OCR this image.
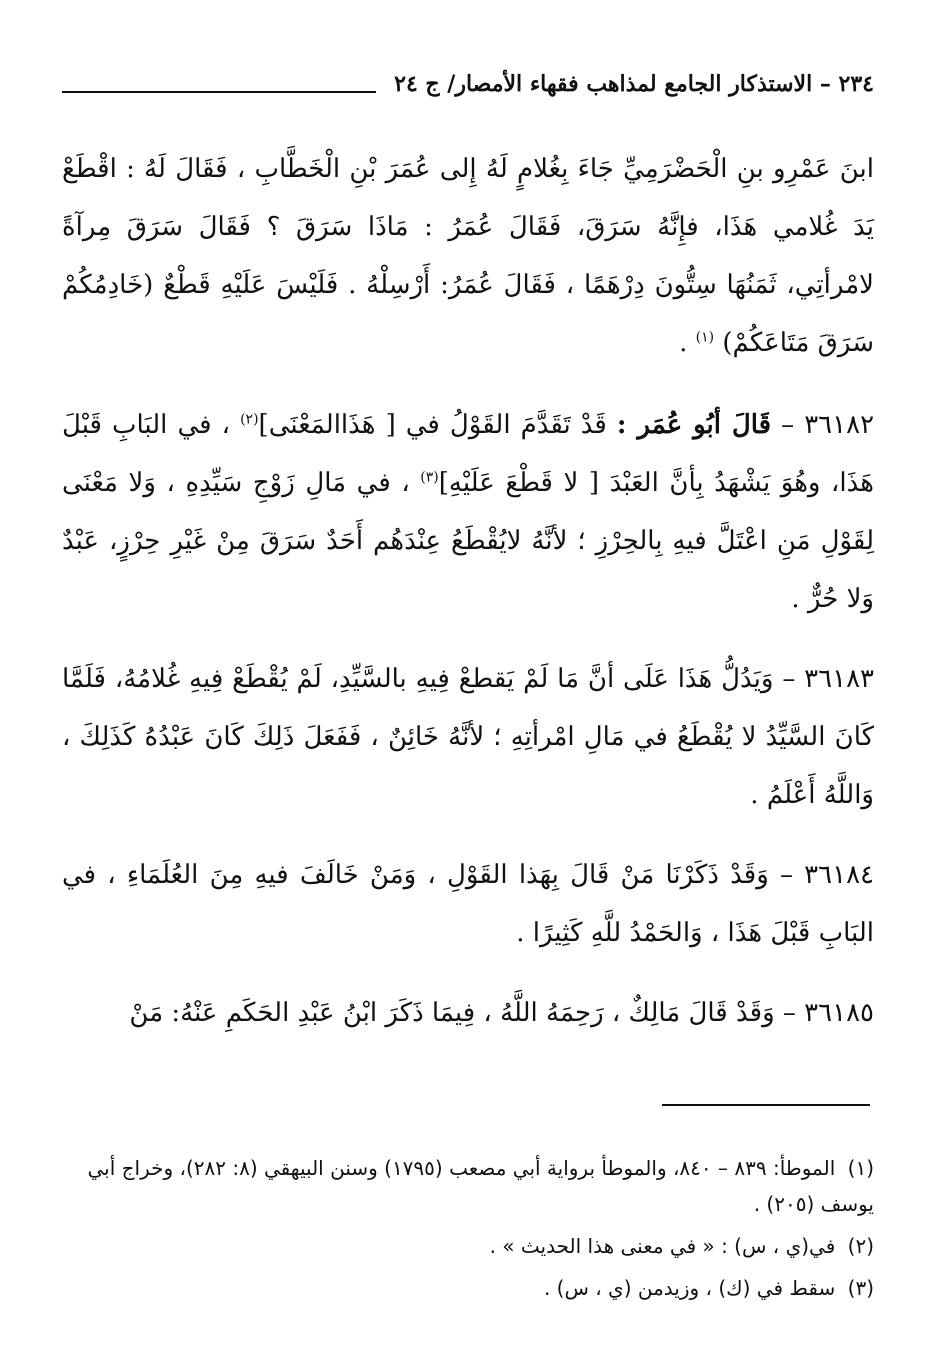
٢٣٤ – الاستذكار الجامع لمذاهب فقهاء الأمصار/ ج ٢٤

ابنَ عَمْرِو بنِ الْحَضْرَمِيِّ جَاءَ بِغُلامٍ لَهُ إِلى عُمَرَ بْنِ الْخَطَّابِ ، فَقَالَ لَهُ : اقْطَعْ يَدَ غُلامي هَذَا، فإِنَّهُ سَرَقَ، فَقَالَ عُمَرُ : مَاذَا سَرَقَ ؟ فَقَالَ سَرَقَ مِرآةً لامْرأتِي، ثَمَنُهَا سِتُّونَ دِرْهَمًا ، فَقَالَ عُمَرُ: أَرْسِلْهُ . فَلَيْسَ عَلَيْهِ قَطْعٌ (خَادِمُكُمْ سَرَقَ مَتَاعَكُمْ) $^{(١)}$ .

٣٦١٨٢ – قَالَ أبُو عُمَر : قَدْ تَقَدَّمَ القَوْلُ في [ هَذَاالمَعْنَى]$^{(٢)}$ ، في البَابِ قَبْلَ هَذَا، وهُوَ يَشْهَدُ بِأنَّ العَبْدَ [ لا قَطْعَ عَلَيْهِ]$^{(٣)}$ ، في مَالِ زَوْجِ سَيِّدِهِ ، وَلا مَعْنَى لِقَوْلِ مَنِ اعْتَلَّ فيهِ بِالحِرْزِ ؛ لأنَّهُ لايُقْطَعُ عِنْدَهُم أَحَدٌ سَرَقَ مِنْ غَيْرِ حِرْزٍ، عَبْدٌ وَلا حُرٌّ .

٣٦١٨٣ – وَيَدُلُّ هَذَا عَلَى أنَّ مَا لَمْ يَقطعْ فِيهِ بالسَّيِّدِ، لَمْ يُقْطَعْ فِيهِ غُلامُهُ، فَلَمَّا كَانَ السَّيِّدُ لا يُقْطَعُ في مَالِ امْرأتِهِ ؛ لأنَّهُ خَائِنٌ ، فَفَعَلَ ذَلِكَ كَانَ عَبْدُهُ كَذَلِكَ ، وَاللَّهُ أَعْلَمُ .

٣٦١٨٤ – وَقَدْ ذَكَرْنَا مَنْ قَالَ بِهَذا القَوْلِ ، وَمَنْ خَالَفَ فيهِ مِنَ العُلَمَاءِ ، في البَابِ قَبْلَ هَذَا ، وَالحَمْدُ للَّهِ كَثِيرًا .

٣٦١٨٥ – وَقَدْ قَالَ مَالِكٌ ، رَحِمَهُ اللَّهُ ، فِيمَا ذَكَرَ ابْنُ عَبْدِ الحَكَمِ عَنْهُ: مَنْ

(١) الموطأ: ٨٣٩ – ٨٤٠، والموطأ برواية أبي مصعب (١٧٩٥) وسنن البيهقي (٨: ٢٨٢)، وخراج أبي يوسف (٢٠٥) .

(٢) في(ي ، س) : « في معنى هذا الحديث » .

(٣) سقط في (ك) ، وزيدمن (ي ، س) .
